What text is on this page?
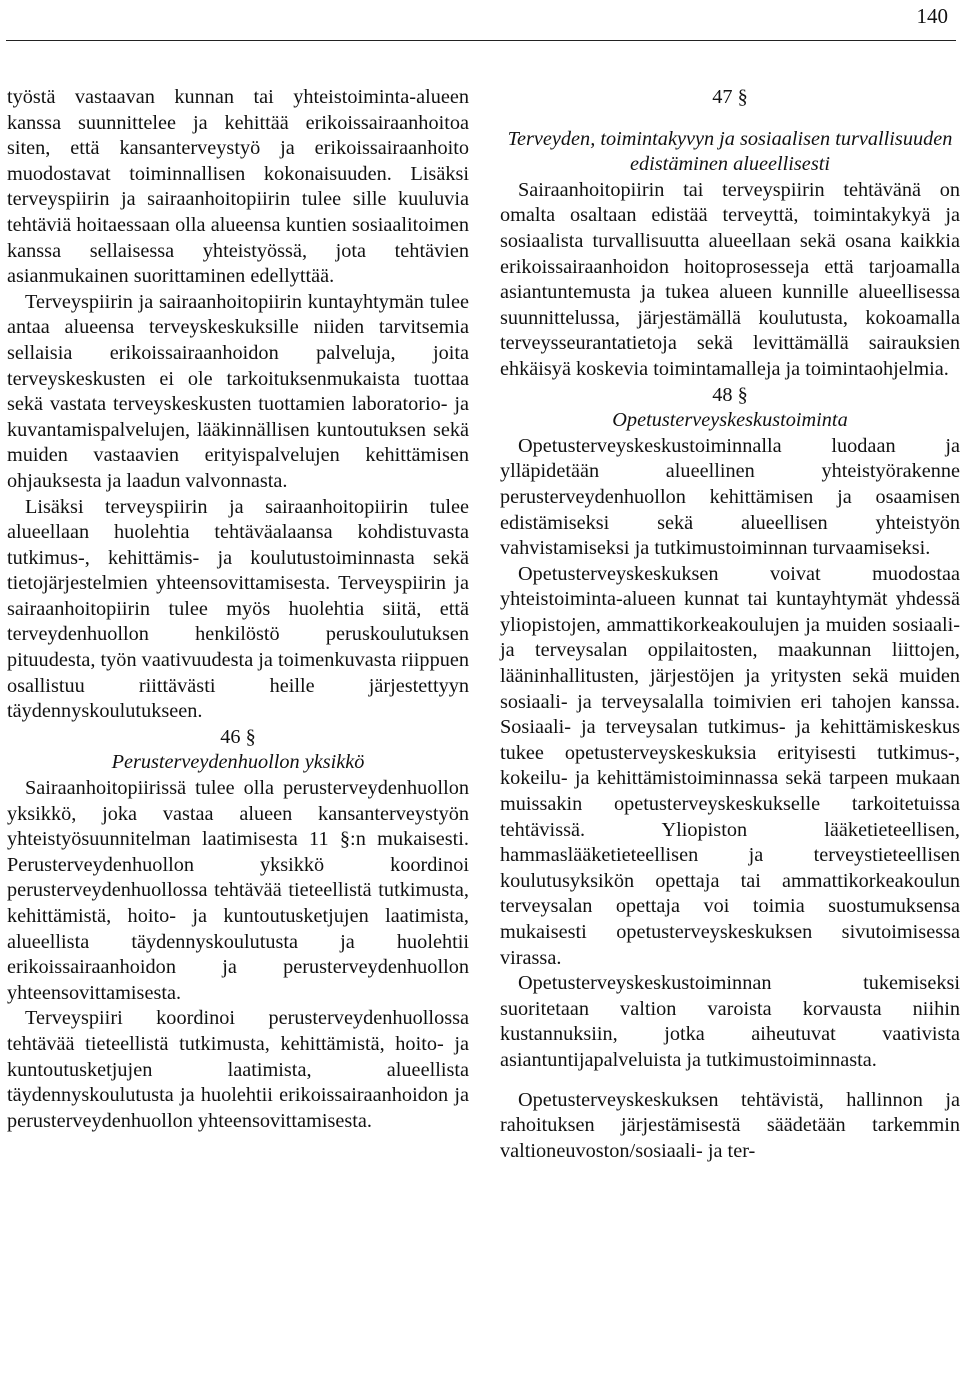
140

työstä vastaavan kunnan tai yhteistoiminta-alueen kanssa suunnittelee ja kehittää erikoissairaanhoitoa siten, että kansanterveystyö ja erikoissairaanhoito muodostavat toiminnallisen kokonaisuuden. Lisäksi terveyspiirin ja sairaanhoitopiirin tulee sille kuuluvia tehtäviä hoitaessaan olla alueensa kuntien sosiaalitoimen kanssa sellaisessa yhteistyössä, jota tehtävien asianmukainen suorittaminen edellyttää.

Terveyspiirin ja sairaanhoitopiirin kuntayhtymän tulee antaa alueensa terveyskeskuksille niiden tarvitsemia sellaisia erikoissairaanhoidon palveluja, joita terveyskeskusten ei ole tarkoituksenmukaista tuottaa sekä vastata terveyskeskusten tuottamien laboratorio- ja kuvantamispalvelujen, lääkinnällisen kuntoutuksen sekä muiden vastaavien erityispalvelujen kehittämisen ohjauksesta ja laadun valvonnasta.

Lisäksi terveyspiirin ja sairaanhoitopiirin tulee alueellaan huolehtia tehtäväalaansa kohdistuvasta tutkimus-, kehittämis- ja koulutustoiminnasta sekä tietojärjestelmien yhteensovittamisesta. Terveyspiirin ja sairaanhoitopiirin tulee myös huolehtia siitä, että terveydenhuollon henkilöstö peruskoulutuksen pituudesta, työn vaativuudesta ja toimenkuvasta riippuen osallistuu riittävästi heille järjestettyyn täydennyskoulutukseen.

46 §

Perusterveydenhuollon yksikkö

Sairaanhoitopiirissä tulee olla perusterveydenhuollon yksikkö, joka vastaa alueen kansanterveystyön yhteistyösuunnitelman laatimisesta 11 §:n mukaisesti. Perusterveydenhuollon yksikkö koordinoi perusterveydenhuollossa tehtävää tieteellistä tutkimusta, kehittämistä, hoito- ja kuntoutusketjujen laatimista, alueellista täydennyskoulutusta ja huolehtii erikoissairaanhoidon ja perusterveydenhuollon yhteensovittamisesta.

Terveyspiiri koordinoi perusterveydenhuollossa tehtävää tieteellistä tutkimusta, kehittämistä, hoito- ja kuntoutusketjujen laatimista, alueellista täydennyskoulutusta ja huolehtii erikoissairaanhoidon ja perusterveydenhuollon yhteensovittamisesta.

47 §

Terveyden, toimintakyvyn ja sosiaalisen turvallisuuden edistäminen alueellisesti

Sairaanhoitopiirin tai terveyspiirin tehtävänä on omalta osaltaan edistää terveyttä, toimintakykyä ja sosiaalista turvallisuutta alueellaan sekä osana kaikkia erikoissairaanhoidon hoitoprosesseja että tarjoamalla asiantuntemusta ja tukea alueen kunnille alueellisessa suunnittelussa, järjestämällä koulutusta, kokoamalla terveysseurantatietoja sekä levittämällä sairauksien ehkäisyä koskevia toimintamalleja ja toimintaohjelmia.

48 §

Opetusterveyskeskustoiminta

Opetusterveyskeskustoiminnalla luodaan ja ylläpidetään alueellinen yhteistyörakenne perusterveydenhuollon kehittämisen ja osaamisen edistämiseksi sekä alueellisen yhteistyön vahvistamiseksi ja tutkimustoiminnan turvaamiseksi.

Opetusterveyskeskuksen voivat muodostaa yhteistoiminta-alueen kunnat tai kuntayhtymät yhdessä yliopistojen, ammattikorkeakoulujen ja muiden sosiaali- ja terveysalan oppilaitosten, maakunnan liittojen, lääninhallitusten, järjestöjen ja yritysten sekä muiden sosiaali- ja terveysalalla toimivien eri tahojen kanssa. Sosiaali- ja terveysalan tutkimus- ja kehittämiskeskus tukee opetusterveyskeskuksia erityisesti tutkimus-, kokeilu- ja kehittämistoiminnassa sekä tarpeen mukaan muissakin opetusterveyskeskukselle tarkoitetuissa tehtävissä. Yliopiston lääketieteellisen, hammaslääketieteellisen ja terveystieteellisen koulutusyksikön opettaja tai ammattikorkeakoulun terveysalan opettaja voi toimia suostumuksensa mukaisesti opetusterveyskeskuksen sivutoimisessa virassa.

Opetusterveyskeskustoiminnan tukemiseksi suoritetaan valtion varoista korvausta niihin kustannuksiin, jotka aiheutuvat vaativista asiantuntijapalveluista ja tutkimustoiminnasta.

Opetusterveyskeskuksen tehtävistä, hallinnon ja rahoituksen järjestämisestä säädetään tarkemmin valtioneuvoston/sosiaali- ja ter-
